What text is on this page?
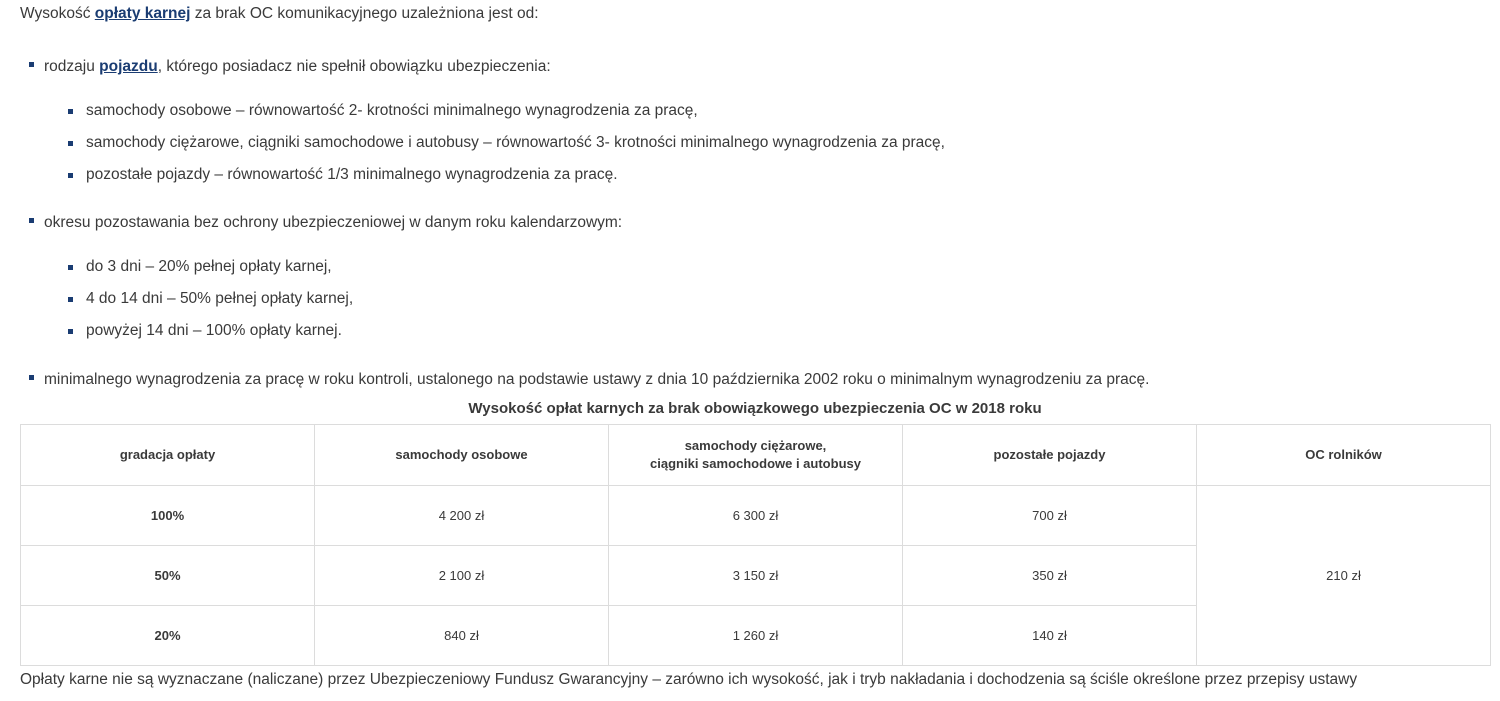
Wysokość opłaty karnej za brak OC komunikacyjnego uzależniona jest od:
rodzaju pojazdu, którego posiadacz nie spełnił obowiązku ubezpieczenia:
samochody osobowe – równowartość 2- krotności minimalnego wynagrodzenia za pracę,
samochody ciężarowe, ciągniki samochodowe i autobusy – równowartość 3- krotności minimalnego wynagrodzenia za pracę,
pozostałe pojazdy – równowartość 1/3 minimalnego wynagrodzenia za pracę.
okresu pozostawania bez ochrony ubezpieczeniowej w danym roku kalendarzowym:
do 3 dni – 20% pełnej opłaty karnej,
4 do 14 dni – 50% pełnej opłaty karnej,
powyżej 14 dni – 100% opłaty karnej.
minimalnego wynagrodzenia za pracę w roku kontroli, ustalonego na podstawie ustawy z dnia 10 października 2002 roku o minimalnym wynagrodzeniu za pracę.
Wysokość opłat karnych za brak obowiązkowego ubezpieczenia OC w 2018 roku
gradacja opłaty	samochody osobowe	samochody ciężarowe,
ciągniki samochodowe i autobusy	pozostałe pojazdy	OC rolników
100%	4 200 zł	6 300 zł	700 zł	210 zł
50%	2 100 zł	3 150 zł	350 zł	
20%	840 zł	1 260 zł	140 zł	
Opłaty karne nie są wyznaczane (naliczane) przez Ubezpieczeniowy Fundusz Gwarancyjny – zarówno ich wysokość, jak i tryb nakładania i dochodzenia są ściśle określone przez przepisy ustawy
